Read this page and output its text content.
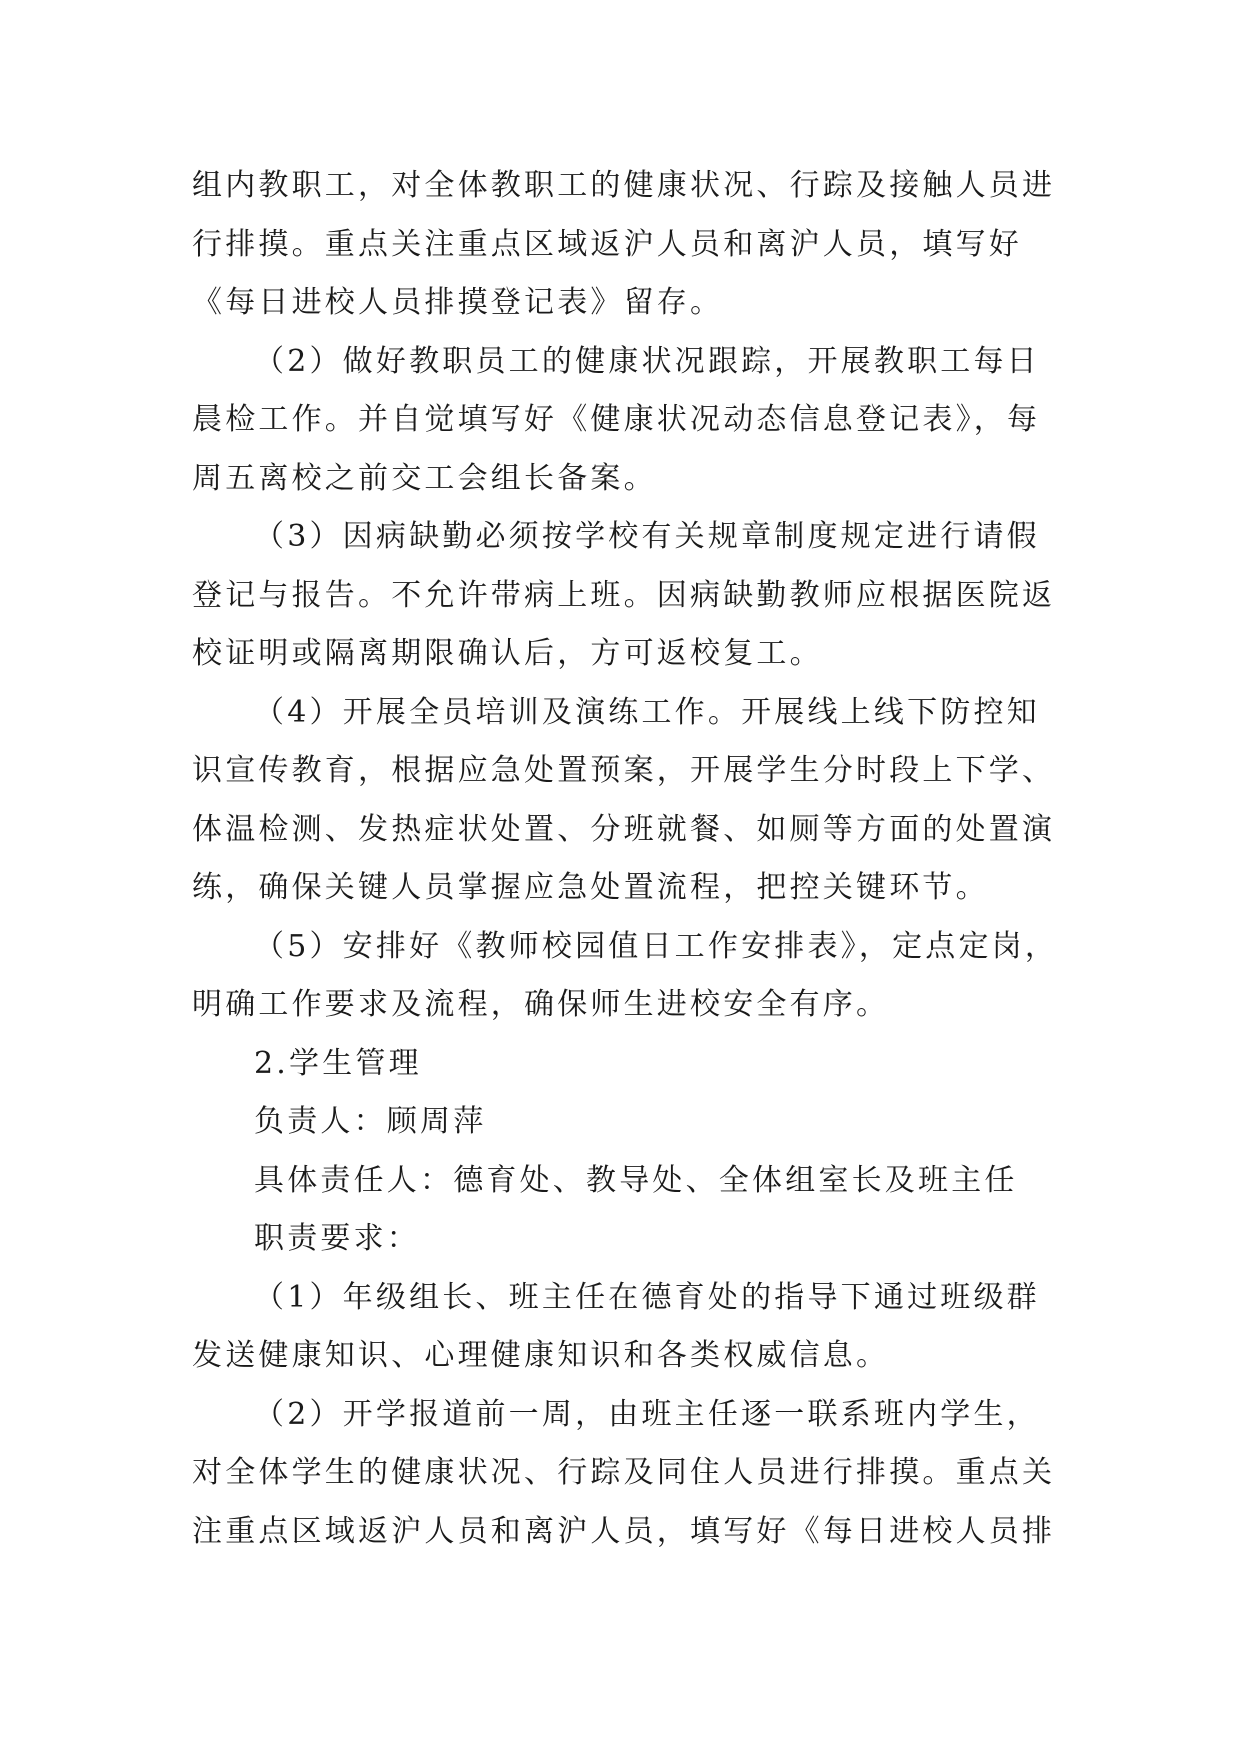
组内教职工，对全体教职工的健康状况、行踪及接触人员进
行排摸。重点关注重点区域返沪人员和离沪人员，填写好
《每日进校人员排摸登记表》留存。
（2）做好教职员工的健康状况跟踪，开展教职工每日
晨检工作。并自觉填写好《健康状况动态信息登记表》，每
周五离校之前交工会组长备案。
（3）因病缺勤必须按学校有关规章制度规定进行请假
登记与报告。不允许带病上班。因病缺勤教师应根据医院返
校证明或隔离期限确认后，方可返校复工。
（4）开展全员培训及演练工作。开展线上线下防控知
识宣传教育，根据应急处置预案，开展学生分时段上下学、
体温检测、发热症状处置、分班就餐、如厕等方面的处置演
练，确保关键人员掌握应急处置流程，把控关键环节。
（5）安排好《教师校园值日工作安排表》，定点定岗，
明确工作要求及流程，确保师生进校安全有序。
2.学生管理
负责人：顾周萍
具体责任人：德育处、教导处、全体组室长及班主任
职责要求：
（1）年级组长、班主任在德育处的指导下通过班级群
发送健康知识、心理健康知识和各类权威信息。
（2）开学报道前一周，由班主任逐一联系班内学生，
对全体学生的健康状况、行踪及同住人员进行排摸。重点关
注重点区域返沪人员和离沪人员，填写好《每日进校人员排
